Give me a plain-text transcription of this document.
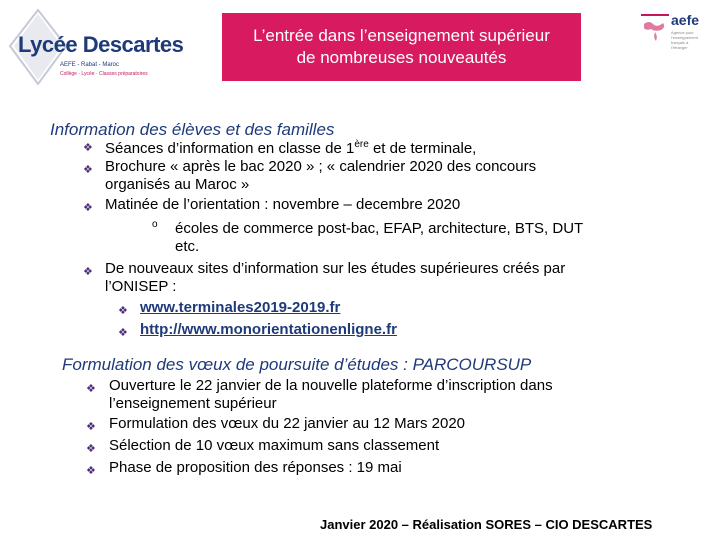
Lycée Descartes
AEFE - Rabat - Maroc
Collège · Lycée · Classes préparatoires
L’entrée dans l’enseignement supérieur
de nombreuses nouveautés
aefe
Agence pour l’enseignement français à l’étranger
Information des élèves et des familles
❖ Séances d’information en classe de 1ère et de terminale,
❖ Brochure « après le bac 2020 » ; « calendrier 2020 des concours
organisés au Maroc »
❖ Matinée de l’orientation : novembre – decembre 2020
o écoles de commerce post-bac, EFAP, architecture, BTS, DUT
etc.
❖ De nouveaux sites d’information sur les études supérieures créés par
l’ONISEP :
❖ www.terminales2019-2019.fr
❖ http://www.monorientationenligne.fr
Formulation des vœux de poursuite d’études : PARCOURSUP
❖ Ouverture le 22 janvier de la nouvelle plateforme d’inscription dans
l’enseignement supérieur
❖ Formulation des vœux du 22 janvier au 12 Mars 2020
❖ Sélection de 10 vœux maximum sans classement
❖ Phase de proposition des réponses : 19 mai
Janvier 2020 – Réalisation SORES – CIO DESCARTES
